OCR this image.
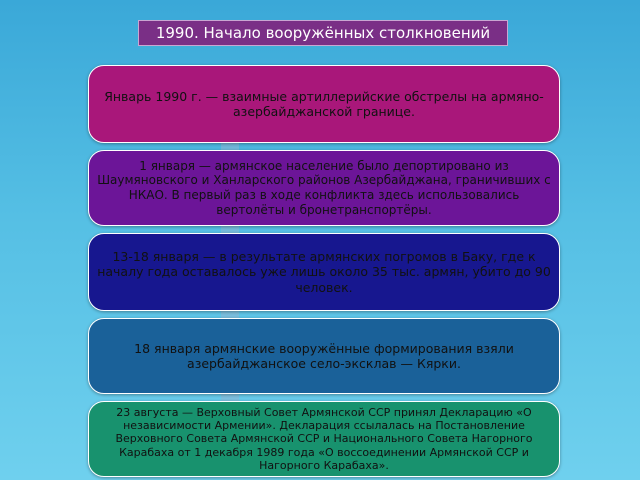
1990. Начало вооружённых столкновений
Январь 1990 г. — взаимные артиллерийские обстрелы на армяно-азербайджанской границе.
1 января — армянское население было депортировано из Шаумяновского и Ханларского районов Азербайджана, граничивших с НКАО. В первый раз в ходе конфликта здесь использовались вертолёты и бронетранспортёры.
13-18 января — в результате армянских погромов в Баку, где к началу года оставалось уже лишь около 35 тыс. армян, убито до 90 человек.
18 января армянские вооружённые формирования взяли азербайджанское село-эксклав — Кярки.
23 августа — Верховный Совет Армянской ССР принял Декларацию «О независимости Армении». Декларация ссылалась на Постановление Верховного Совета Армянской ССР и Национального Совета Нагорного Карабаха от 1 декабря 1989 года «О воссоединении Армянской ССР и Нагорного Карабаха».
